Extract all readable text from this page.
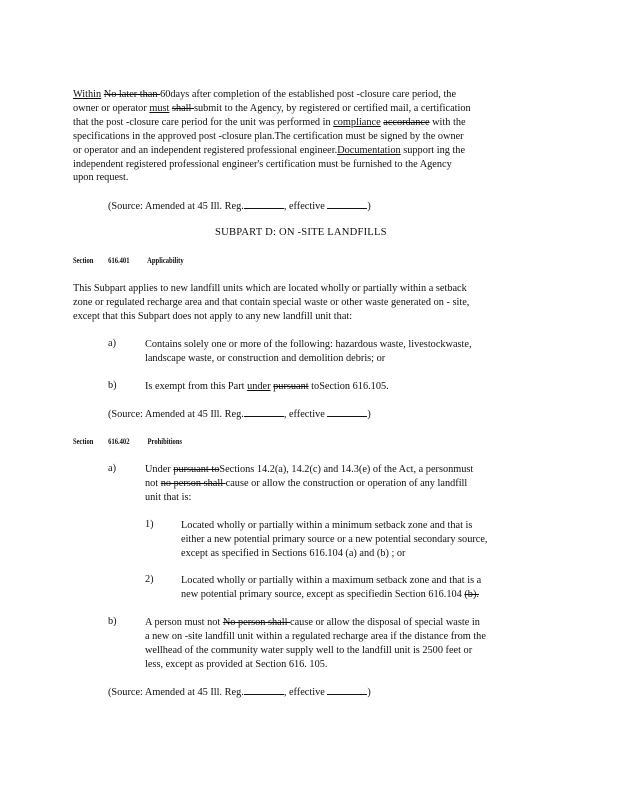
Within No later than 60days after completion of the established post -closure care period, the
owner or operator must shall submit to the Agency, by registered or certified mail, a certification
that the post -closure care period for the unit was performed in compliance accordance with the
specifications in the approved post -closure plan.The certification must be signed by the owner
or operator and an independent registered professional engineer.Documentation support ing the
independent registered professional engineer's certification must be furnished to the Agency
upon request.
(Source: Amended at 45 Ill. Reg.	, effective	)
SUBPART D: ON -SITE LANDFILLS
Section 616.401 Applicability
This Subpart applies to new landfill units which are located wholly or partially within a setback
zone or regulated recharge area and that contain special waste or other waste generated on - site,
except that this Subpart does not apply to any new landfill unit that:
a)	Contains solely one or more of the following: hazardous waste, livestockwaste,
landscape waste, or construction and demolition debris; or
b)	Is exempt from this Part under pursuant toSection 616.105.
(Source: Amended at 45 Ill. Reg.	, effective	)
Section 616.402 Prohibitions
a)	Under pursuant toSections 14.2(a), 14.2(c) and 14.3(e) of the Act, a personmust
not no person shall cause or allow the construction or operation of any landfill
unit that is:
1)	Located wholly or partially within a minimum setback zone and that is
either a new potential primary source or a new potential secondary source,
except as specified in Sections 616.104 (a) and (b) ; or
2)	Located wholly or partially within a maximum setback zone and that is a
new potential primary source, except as specifiedin Section 616.104 (b).
b)	A person must not No person shall cause or allow the disposal of special waste in
a new on -site landfill unit within a regulated recharge area if the distance from the
wellhead of the community water supply well to the landfill unit is 2500 feet or
less, except as provided at Section 616. 105.
(Source: Amended at 45 Ill. Reg.	, effective	)
